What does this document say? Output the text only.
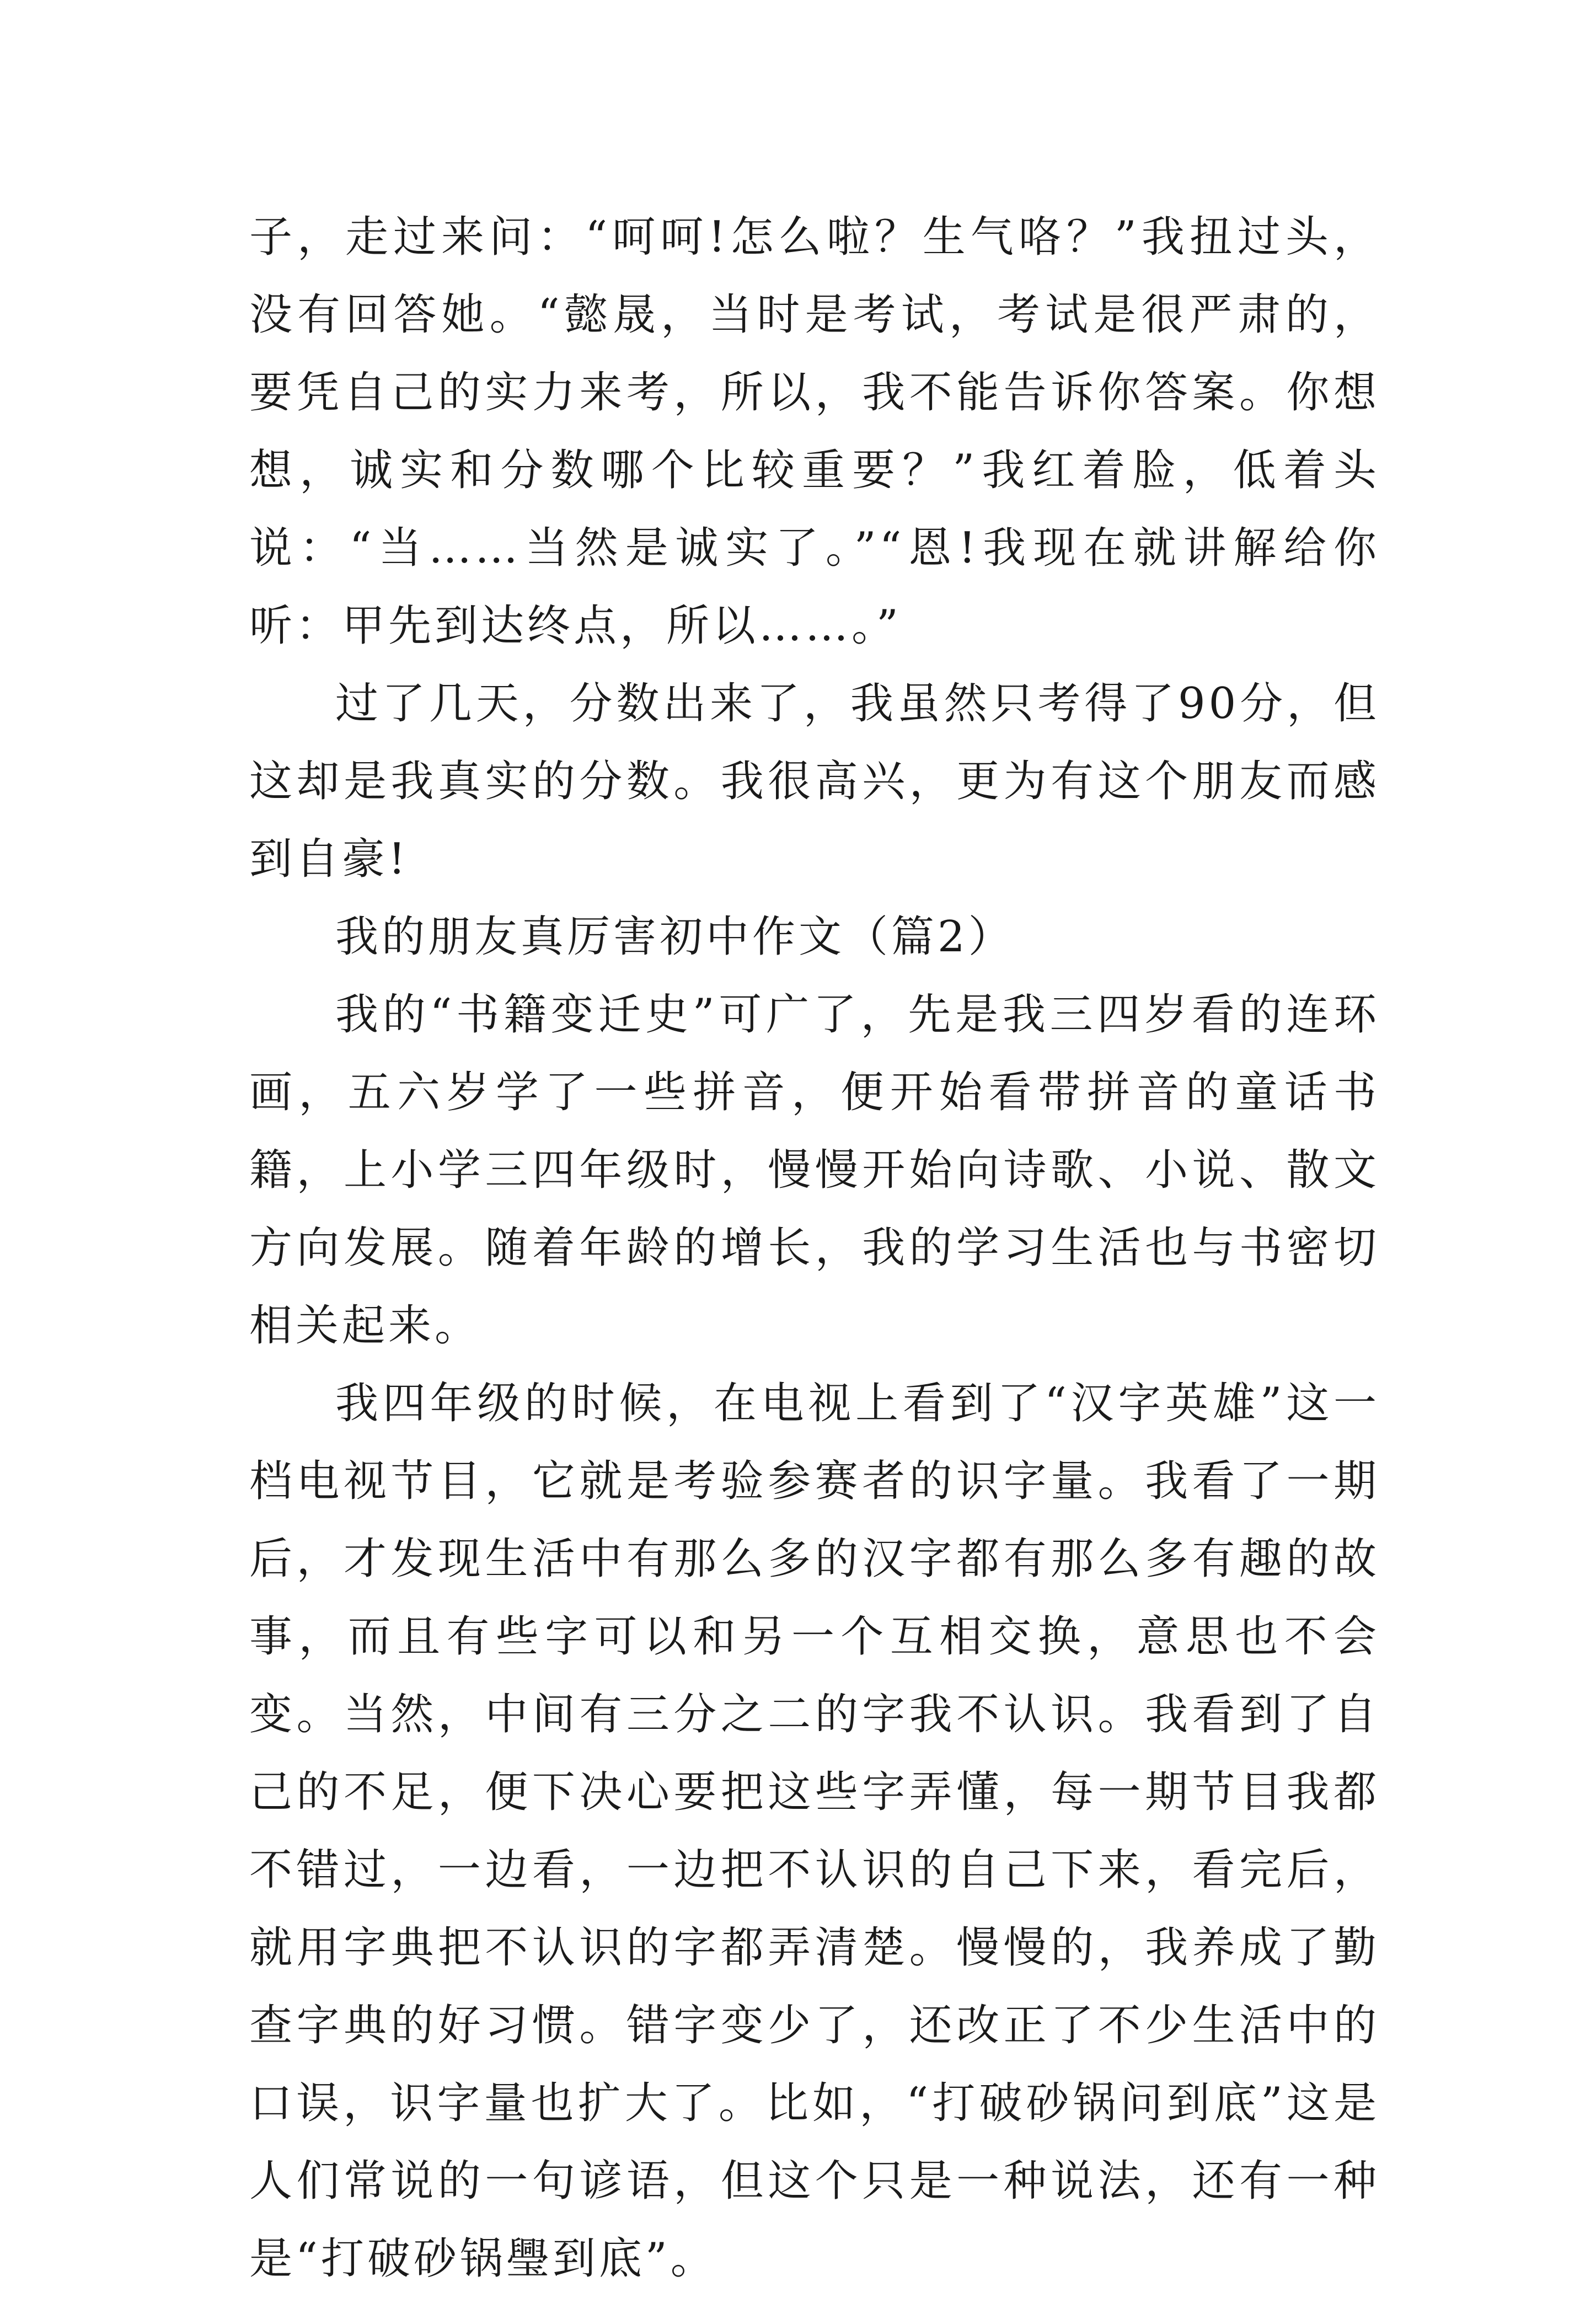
子，走过来问：“呵呵!怎么啦？生气咯？”我扭过头，没有回答她。“懿晟，当时是考试，考试是很严肃的，要凭自己的实力来考，所以，我不能告诉你答案。你想想，诚实和分数哪个比较重要？”我红着脸，低着头说：“当……当然是诚实了。”“恩!我现在就讲解给你听：甲先到达终点，所以……。”

过了几天，分数出来了，我虽然只考得了90分，但这却是我真实的分数。我很高兴，更为有这个朋友而感到自豪!

我的朋友真厉害初中作文（篇2）

我的“书籍变迁史”可广了，先是我三四岁看的连环画，五六岁学了一些拼音，便开始看带拼音的童话书籍，上小学三四年级时，慢慢开始向诗歌、小说、散文方向发展。随着年龄的增长，我的学习生活也与书密切相关起来。

我四年级的时候，在电视上看到了“汉字英雄”这一档电视节目，它就是考验参赛者的识字量。我看了一期后，才发现生活中有那么多的汉字都有那么多有趣的故事，而且有些字可以和另一个互相交换，意思也不会变。当然，中间有三分之二的字我不认识。我看到了自己的不足，便下决心要把这些字弄懂，每一期节目我都不错过，一边看，一边把不认识的自己下来，看完后，就用字典把不认识的字都弄清楚。慢慢的，我养成了勤查字典的好习惯。错字变少了，还改正了不少生活中的口误，识字量也扩大了。比如，“打破砂锅问到底”这是人们常说的一句谚语，但这个只是一种说法，还有一种是“打破砂锅璺到底”。
